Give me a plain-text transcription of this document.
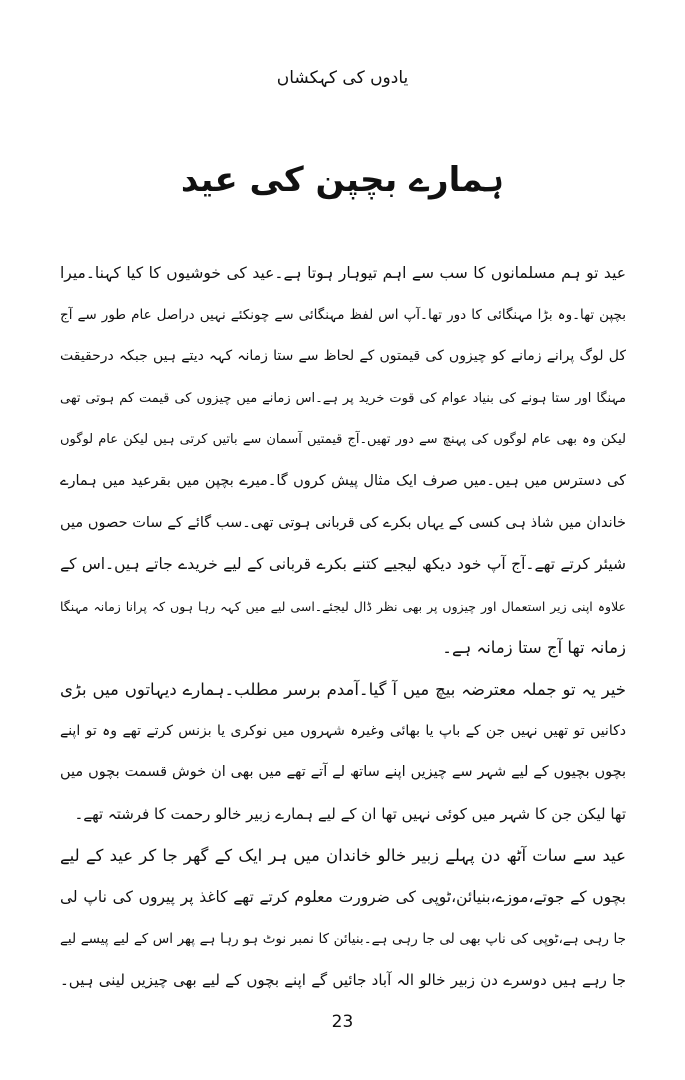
یادوں کی کہکشاں
ہمارے بچپن کی عید
عید تو ہم مسلمانوں کا سب سے اہم تیوہار ہوتا ہے۔عید کی خوشیوں کا کیا کہنا۔میرا
بچپن تھا۔وہ بڑا مہنگائی کا دور تھا۔آپ اس لفظ مہنگائی سے چونکئے نہیں دراصل عام طور سے آج
کل لوگ پرانے زمانے کو چیزوں کی قیمتوں کے لحاظ سے ستا زمانہ کہہ دیتے ہیں جبکہ درحقیقت
مہنگا اور ستا ہونے کی بنیاد عوام کی قوت خرید پر ہے۔اس زمانے میں چیزوں کی قیمت کم ہوتی تھی
لیکن وہ بھی عام لوگوں کی پہنچ سے دور تھیں۔آج قیمتیں آسمان سے باتیں کرتی ہیں لیکن عام لوگوں
کی دسترس میں ہیں۔میں صرف ایک مثال پیش کروں گا۔میرے بچپن میں بقرعید میں ہمارے
خاندان میں شاذ ہی کسی کے یہاں بکرے کی قربانی ہوتی تھی۔سب گائے کے سات حصوں میں
شیئر کرتے تھے۔آج آپ خود دیکھ لیجیے کتنے بکرے قربانی کے لیے خریدے جاتے ہیں۔اس کے
علاوہ اپنی زیر استعمال اور چیزوں پر بھی نظر ڈال لیجئے۔اسی لیے میں کہہ رہا ہوں کہ پرانا زمانہ مہنگا
زمانہ تھا آج ستا زمانہ ہے۔
خیر یہ تو جملہ معترضہ بیچ میں آ گیا۔آمدم برسر مطلب۔ہمارے دیہاتوں میں بڑی
دکانیں تو تھیں نہیں جن کے باپ یا بھائی وغیرہ شہروں میں نوکری یا بزنس کرتے تھے وہ تو اپنے
بچوں بچیوں کے لیے شہر سے چیزیں اپنے ساتھ لے آتے تھے میں بھی ان خوش قسمت بچوں میں
تھا لیکن جن کا شہر میں کوئی نہیں تھا ان کے لیے ہمارے زبیر خالو رحمت کا فرشتہ تھے۔
عید سے سات آٹھ دن پہلے زبیر خالو خاندان میں ہر ایک کے گھر جا کر عید کے لیے
بچوں کے جوتے،موزے،بنیائن،ٹوپی کی ضرورت معلوم کرتے تھے کاغذ پر پیروں کی ناپ لی
جا رہی ہے،ٹوپی کی ناپ بھی لی جا رہی ہے۔بنیائن کا نمبر نوٹ ہو رہا ہے پھر اس کے لیے پیسے لیے
جا رہے ہیں دوسرے دن زبیر خالو الہ آباد جائیں گے اپنے بچوں کے لیے بھی چیزیں لینی ہیں۔
23
